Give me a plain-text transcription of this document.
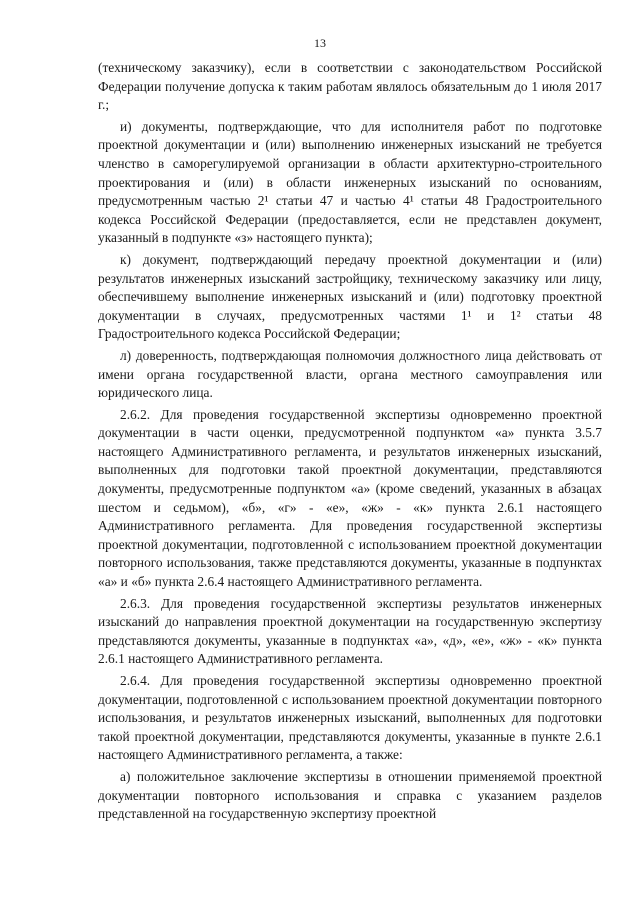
13

(техническому заказчику), если в соответствии с законодательством Российской Федерации получение допуска к таким работам являлось обязательным до 1 июля 2017 г.;

и) документы, подтверждающие, что для исполнителя работ по подготовке проектной документации и (или) выполнению инженерных изысканий не требуется членство в саморегулируемой организации в области архитектурно-строительного проектирования и (или) в области инженерных изысканий по основаниям, предусмотренным частью 2¹ статьи 47 и частью 4¹ статьи 48 Градостроительного кодекса Российской Федерации (предоставляется, если не представлен документ, указанный в подпункте «з» настоящего пункта);

к) документ, подтверждающий передачу проектной документации и (или) результатов инженерных изысканий застройщику, техническому заказчику или лицу, обеспечившему выполнение инженерных изысканий и (или) подготовку проектной документации в случаях, предусмотренных частями 1¹ и 1² статьи 48 Градостроительного кодекса Российской Федерации;

л) доверенность, подтверждающая полномочия должностного лица действовать от имени органа государственной власти, органа местного самоуправления или юридического лица.

2.6.2. Для проведения государственной экспертизы одновременно проектной документации в части оценки, предусмотренной подпунктом «а» пункта 3.5.7 настоящего Административного регламента, и результатов инженерных изысканий, выполненных для подготовки такой проектной документации, представляются документы, предусмотренные подпунктом «а» (кроме сведений, указанных в абзацах шестом и седьмом), «б», «г» - «е», «ж» - «к» пункта 2.6.1 настоящего Административного регламента. Для проведения государственной экспертизы проектной документации, подготовленной с использованием проектной документации повторного использования, также представляются документы, указанные в подпунктах «а» и «б» пункта 2.6.4 настоящего Административного регламента.

2.6.3. Для проведения государственной экспертизы результатов инженерных изысканий до направления проектной документации на государственную экспертизу представляются документы, указанные в подпунктах «а», «д», «е», «ж» - «к» пункта 2.6.1 настоящего Административного регламента.

2.6.4. Для проведения государственной экспертизы одновременно проектной документации, подготовленной с использованием проектной документации повторного использования, и результатов инженерных изысканий, выполненных для подготовки такой проектной документации, представляются документы, указанные в пункте 2.6.1 настоящего Административного регламента, а также:

а) положительное заключение экспертизы в отношении применяемой проектной документации повторного использования и справка с указанием разделов представленной на государственную экспертизу проектной
